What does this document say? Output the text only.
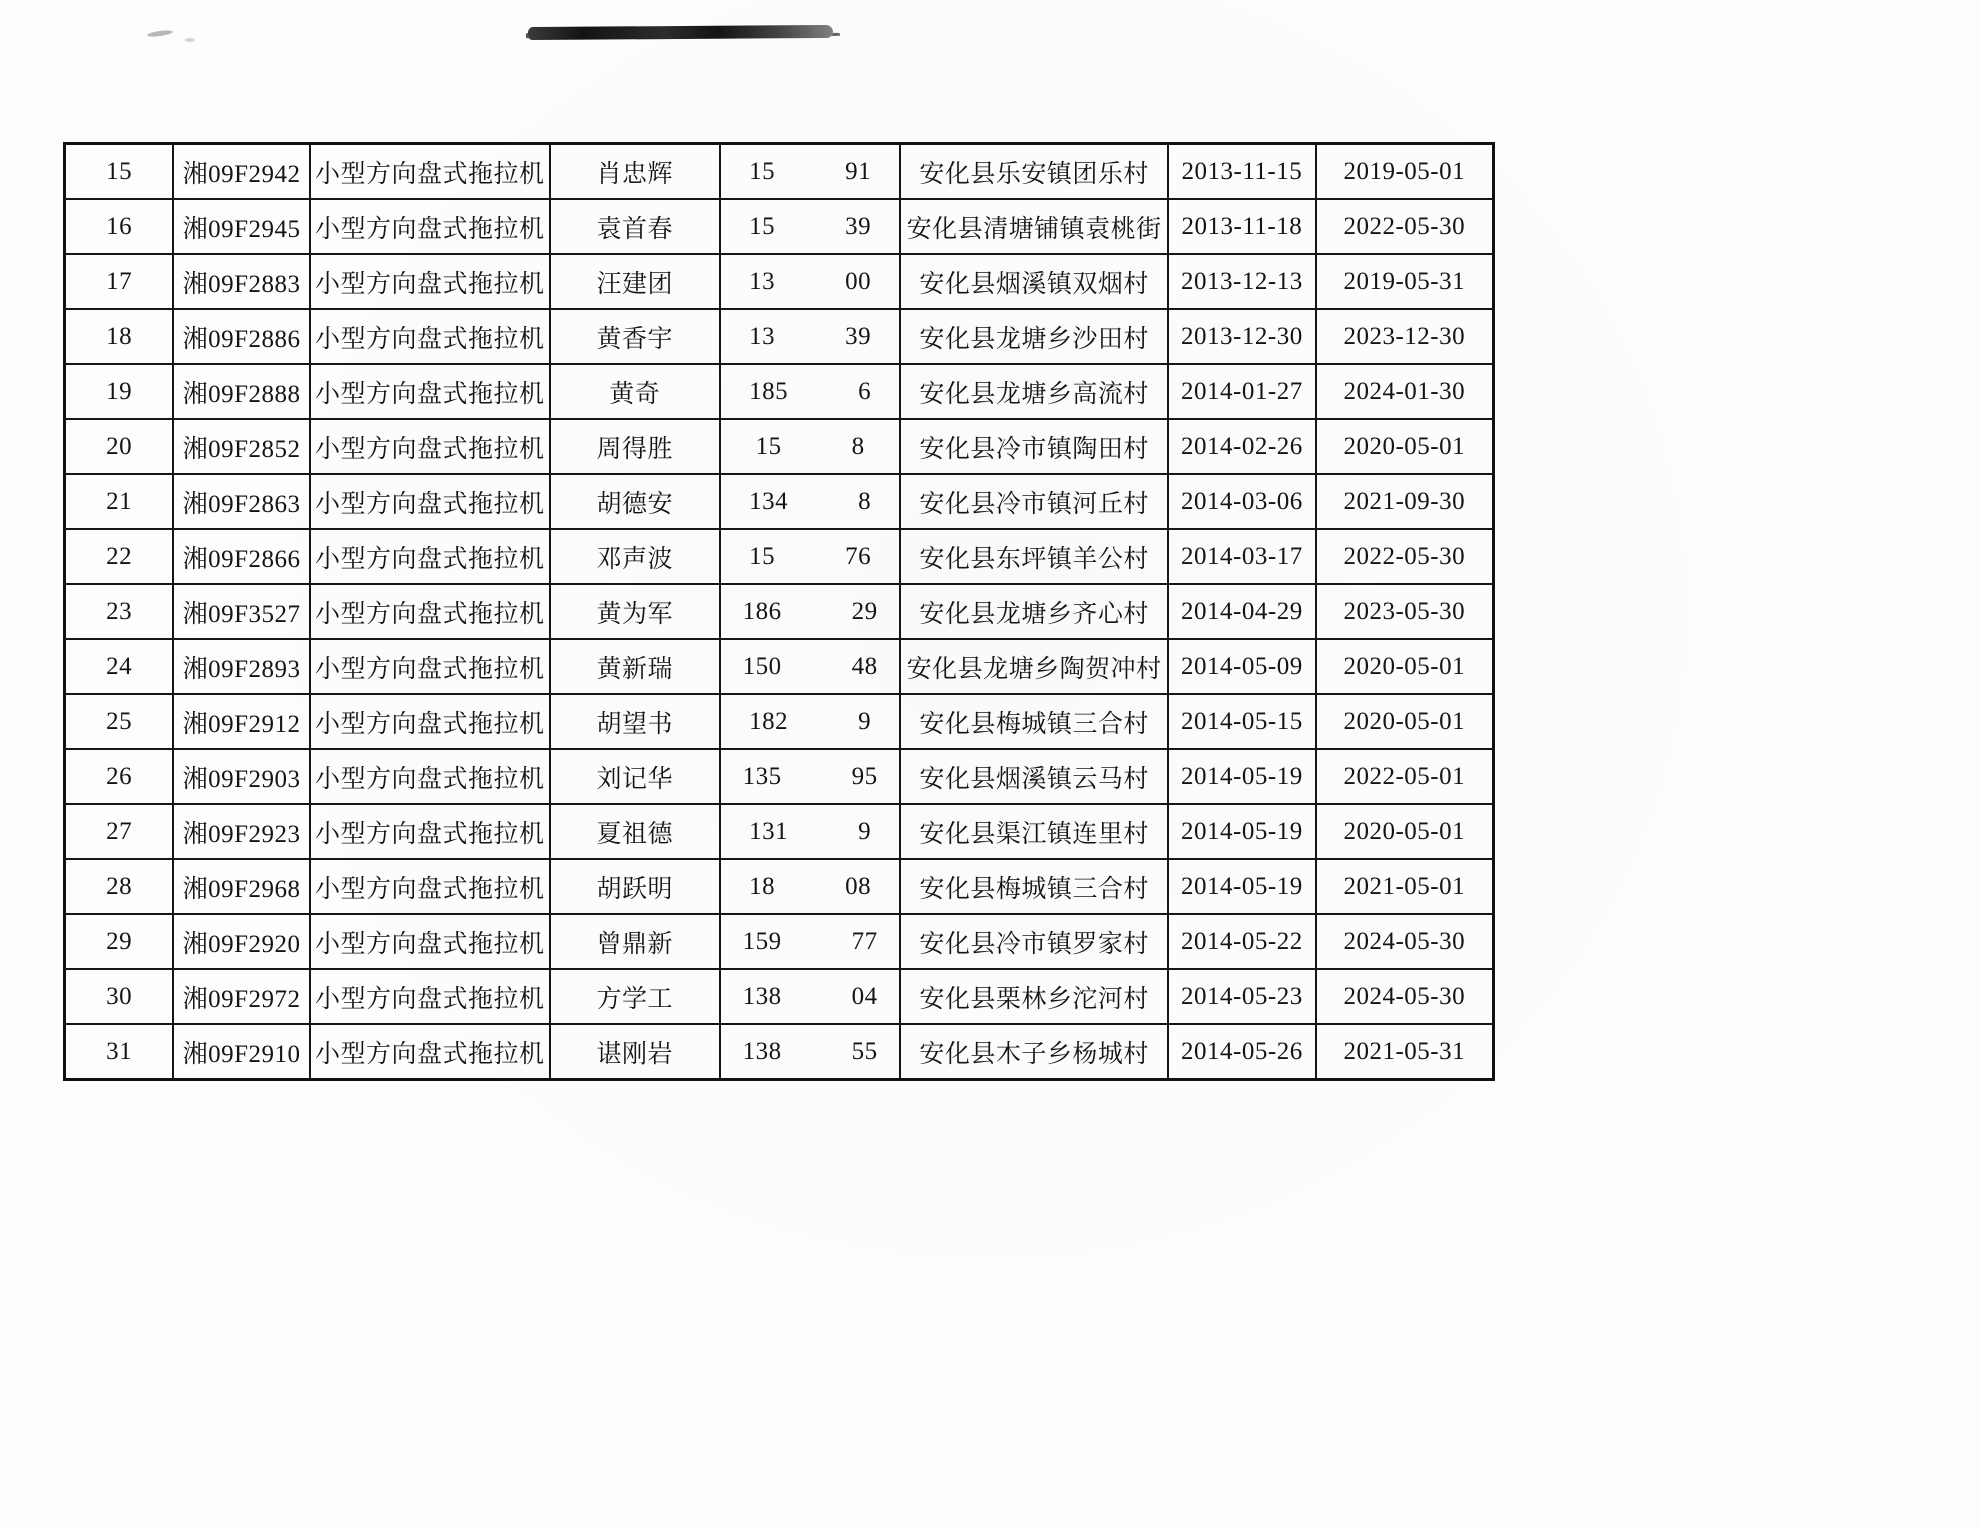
15	湘09F2942	小型方向盘式拖拉机	肖忠辉	15 91	安化县乐安镇团乐村	2013-11-15	2019-05-01
16	湘09F2945	小型方向盘式拖拉机	袁首春	15 39	安化县清塘铺镇袁桃街	2013-11-18	2022-05-30
17	湘09F2883	小型方向盘式拖拉机	汪建团	13 00	安化县烟溪镇双烟村	2013-12-13	2019-05-31
18	湘09F2886	小型方向盘式拖拉机	黄香宇	13 39	安化县龙塘乡沙田村	2013-12-30	2023-12-30
19	湘09F2888	小型方向盘式拖拉机	黄奇	185 6	安化县龙塘乡高流村	2014-01-27	2024-01-30
20	湘09F2852	小型方向盘式拖拉机	周得胜	15 8	安化县冷市镇陶田村	2014-02-26	2020-05-01
21	湘09F2863	小型方向盘式拖拉机	胡德安	134 8	安化县冷市镇河丘村	2014-03-06	2021-09-30
22	湘09F2866	小型方向盘式拖拉机	邓声波	15 76	安化县东坪镇羊公村	2014-03-17	2022-05-30
23	湘09F3527	小型方向盘式拖拉机	黄为军	186 29	安化县龙塘乡齐心村	2014-04-29	2023-05-30
24	湘09F2893	小型方向盘式拖拉机	黄新瑞	150 48	安化县龙塘乡陶贺冲村	2014-05-09	2020-05-01
25	湘09F2912	小型方向盘式拖拉机	胡望书	182 9	安化县梅城镇三合村	2014-05-15	2020-05-01
26	湘09F2903	小型方向盘式拖拉机	刘记华	135 95	安化县烟溪镇云马村	2014-05-19	2022-05-01
27	湘09F2923	小型方向盘式拖拉机	夏祖德	131 9	安化县渠江镇连里村	2014-05-19	2020-05-01
28	湘09F2968	小型方向盘式拖拉机	胡跃明	18 08	安化县梅城镇三合村	2014-05-19	2021-05-01
29	湘09F2920	小型方向盘式拖拉机	曾鼎新	159 77	安化县冷市镇罗家村	2014-05-22	2024-05-30
30	湘09F2972	小型方向盘式拖拉机	方学工	138 04	安化县栗林乡沱河村	2014-05-23	2024-05-30
31	湘09F2910	小型方向盘式拖拉机	谌刚岩	138 55	安化县木子乡杨城村	2014-05-26	2021-05-31
